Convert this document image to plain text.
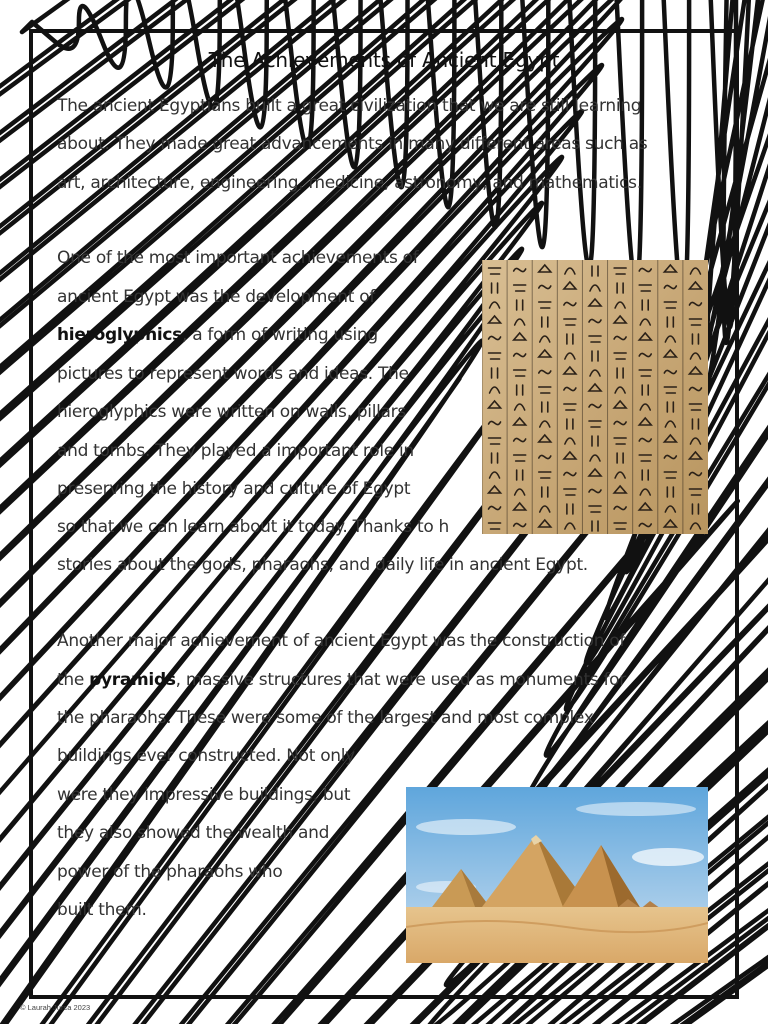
The Achievements of Ancient Egypt
The ancient Egyptians built a great civilization that we are still learning
about. They made great advancements in many different areas such as
art, architecture, engineering, medicine, astronomy, and mathematics.
One of the most important achievements of
ancient Egypt was the development of
hieroglyphics, a form of writing using
pictures to represent words and ideas. The
hieroglyphics were written on walls, pillars
and tombs. They played a important role in
preserving the history and culture of Egypt
so that we can learn about it today. Thanks to h
stories about the gods, pharaohs, and daily life in ancient Egypt.
Another major achievement of ancient Egypt was the construction of
the pyramids, massive structures that were used as monuments for
the pharaohs. These were some of the largest and most complex
buildings ever constructed. Not only
were they impressive buildings, but
they also showed the wealth and
power of the pharaohs who
built them.
© Laurah Jurca 2023
